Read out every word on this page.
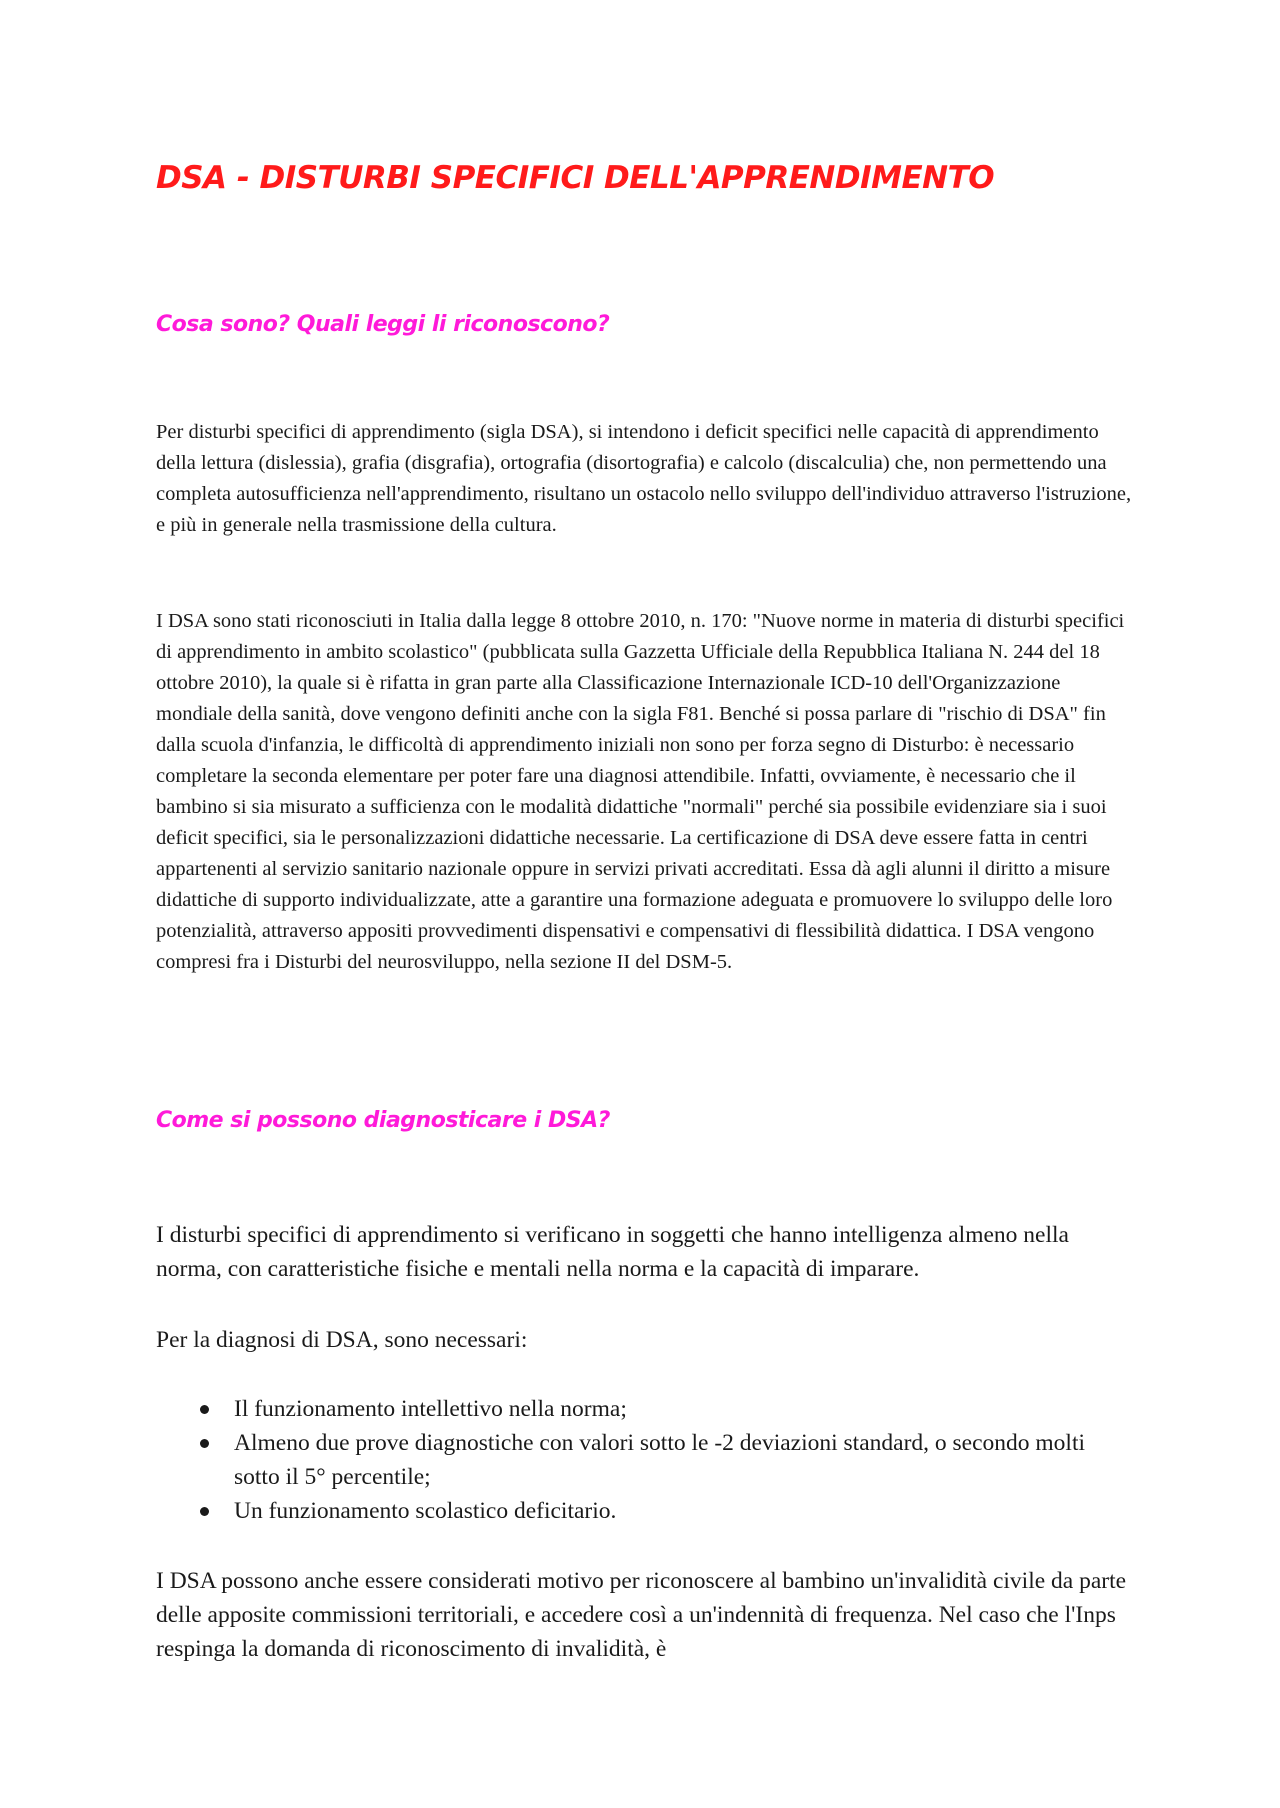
DSA - DISTURBI SPECIFICI DELL'APPRENDIMENTO
Cosa sono? Quali leggi li riconoscono?

Per disturbi specifici di apprendimento (sigla DSA), si intendono i deficit specifici nelle capacità di apprendimento della lettura (dislessia), grafia (disgrafia), ortografia (disortografia) e calcolo (discalculia) che, non permettendo una completa autosufficienza nell'apprendimento, risultano un ostacolo nello sviluppo dell'individuo attraverso l'istruzione, e più in generale nella trasmissione della cultura.

I DSA sono stati riconosciuti in Italia dalla legge 8 ottobre 2010, n. 170: "Nuove norme in materia di disturbi specifici di apprendimento in ambito scolastico" (pubblicata sulla Gazzetta Ufficiale della Repubblica Italiana N. 244 del 18 ottobre 2010), la quale si è rifatta in gran parte alla Classificazione Internazionale ICD-10 dell'Organizzazione mondiale della sanità, dove vengono definiti anche con la sigla F81. Benché si possa parlare di "rischio di DSA" fin dalla scuola d'infanzia, le difficoltà di apprendimento iniziali non sono per forza segno di Disturbo: è necessario completare la seconda elementare per poter fare una diagnosi attendibile. Infatti, ovviamente, è necessario che il bambino si sia misurato a sufficienza con le modalità didattiche "normali" perché sia possibile evidenziare sia i suoi deficit specifici, sia le personalizzazioni didattiche necessarie. La certificazione di DSA deve essere fatta in centri appartenenti al servizio sanitario nazionale oppure in servizi privati accreditati. Essa dà agli alunni il diritto a misure didattiche di supporto individualizzate, atte a garantire una formazione adeguata e promuovere lo sviluppo delle loro potenzialità, attraverso appositi provvedimenti dispensativi e compensativi di flessibilità didattica. I DSA vengono compresi fra i Disturbi del neurosviluppo, nella sezione II del DSM-5.

Come si possono diagnosticare i DSA?

I disturbi specifici di apprendimento si verificano in soggetti che hanno intelligenza almeno nella norma, con caratteristiche fisiche e mentali nella norma e la capacità di imparare.

Per la diagnosi di DSA, sono necessari:

Il funzionamento intellettivo nella norma;
Almeno due prove diagnostiche con valori sotto le -2 deviazioni standard, o secondo molti sotto il 5° percentile;
Un funzionamento scolastico deficitario.

I DSA possono anche essere considerati motivo per riconoscere al bambino un'invalidità civile da parte delle apposite commissioni territoriali, e accedere così a un'indennità di frequenza. Nel caso che l'Inps respinga la domanda di riconoscimento di invalidità, è
